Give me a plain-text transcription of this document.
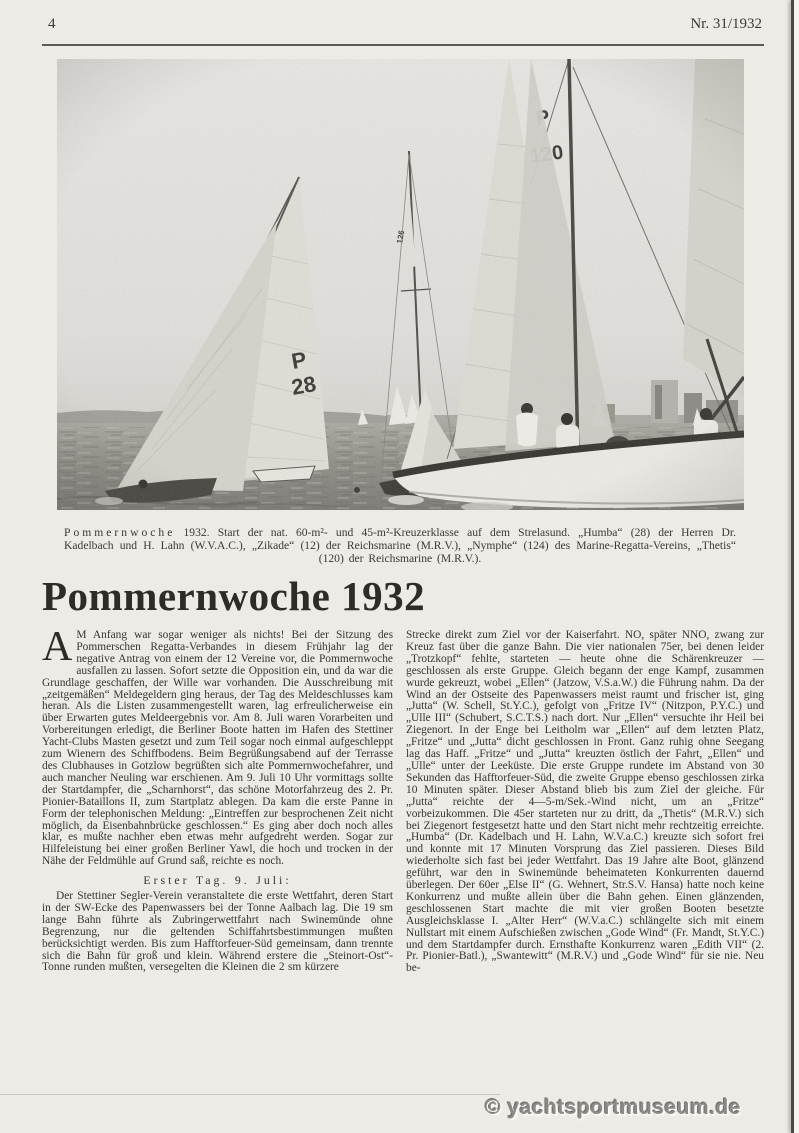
4	Nr. 31/1932

Pommernwoche 1932. Start der nat. 60-m²- und 45-m²-Kreuzerklasse auf dem Strelasund. „Humba“ (28) der Herren Dr. Kadelbach und H. Lahn (W.V.A.C.), „Zikade“ (12) der Reichsmarine (M.R.V.), „Nymphe“ (124) des Marine-Regatta-Vereins, „Thetis“ (120) der Reichsmarine (M.R.V.).

Pommernwoche 1932

A M Anfang war sogar weniger als nichts! Bei der Sitzung des Pommerschen Regatta-Verbandes in diesem Frühjahr lag der negative Antrag von einem der 12 Vereine vor, die Pommernwoche ausfallen zu lassen. Sofort setzte die Opposition ein, und da war die Grundlage geschaffen, der Wille war vorhanden. Die Ausschreibung mit „zeitgemäßen“ Meldegeldern ging heraus, der Tag des Meldeschlusses kam heran. Als die Listen zusammengestellt waren, lag erfreulicherweise ein über Erwarten gutes Meldeergebnis vor. Am 8. Juli waren Vorarbeiten und Vorbereitungen erledigt, die Berliner Boote hatten im Hafen des Stettiner Yacht-Clubs Masten gesetzt und zum Teil sogar noch einmal aufgeschleppt zum Wienern des Schiffbodens. Beim Begrüßungsabend auf der Terrasse des Clubhauses in Gotzlow begrüßten sich alte Pommernwochefahrer, und auch mancher Neuling war erschienen. Am 9. Juli 10 Uhr vormittags sollte der Startdampfer, die „Scharnhorst“, das schöne Motorfahrzeug des 2. Pr. Pionier-Bataillons II, zum Startplatz ablegen. Da kam die erste Panne in Form der telephonischen Meldung: „Eintreffen zur besprochenen Zeit nicht möglich, da Eisenbahnbrücke geschlossen.“ Es ging aber doch noch alles klar, es mußte nachher eben etwas mehr aufgedreht werden. Sogar zur Hilfeleistung bei einer großen Berliner Yawl, die hoch und trocken in der Nähe der Feldmühle auf Grund saß, reichte es noch.

Erster Tag. 9. Juli:

Der Stettiner Segler-Verein veranstaltete die erste Wettfahrt, deren Start in der SW-Ecke des Papenwassers bei der Tonne Aalbach lag. Die 19 sm lange Bahn führte als Zubringerwettfahrt nach Swinemünde ohne Begrenzung, nur die geltenden Schiffahrtsbestimmungen mußten berücksichtigt werden. Bis zum Hafftorfeuer-Süd gemeinsam, dann trennte sich die Bahn für groß und klein. Während erstere die „Steinort-Ost“-Tonne runden mußten, versegelten die Kleinen die 2 sm kürzere

Strecke direkt zum Ziel vor der Kaiserfahrt. NO, später NNO, zwang zur Kreuz fast über die ganze Bahn. Die vier nationalen 75er, bei denen leider „Trotzkopf“ fehlte, starteten — heute ohne die Schärenkreuzer — geschlossen als erste Gruppe. Gleich begann der enge Kampf, zusammen wurde gekreuzt, wobei „Ellen“ (Jatzow, V.S.a.W.) die Führung nahm. Da der Wind an der Ostseite des Papenwassers meist raumt und frischer ist, ging „Jutta“ (W. Schell, St.Y.C.), gefolgt von „Fritze IV“ (Nitzpon, P.Y.C.) und „Ulle III“ (Schubert, S.C.T.S.) nach dort. Nur „Ellen“ versuchte ihr Heil bei Ziegenort. In der Enge bei Leitholm war „Ellen“ auf dem letzten Platz, „Fritze“ und „Jutta“ dicht geschlossen in Front. Ganz ruhig ohne Seegang lag das Haff. „Fritze“ und „Jutta“ kreuzten östlich der Fahrt, „Ellen“ und „Ulle“ unter der Leeküste. Die erste Gruppe rundete im Abstand von 30 Sekunden das Hafftorfeuer-Süd, die zweite Gruppe ebenso geschlossen zirka 10 Minuten später. Dieser Abstand blieb bis zum Ziel der gleiche. Für „Jutta“ reichte der 4—5-m/Sek.-Wind nicht, um an „Fritze“ vorbeizukommen. Die 45er starteten nur zu dritt, da „Thetis“ (M.R.V.) sich bei Ziegenort festgesetzt hatte und den Start nicht mehr rechtzeitig erreichte. „Humba“ (Dr. Kadelbach und H. Lahn, W.V.a.C.) kreuzte sich sofort frei und konnte mit 17 Minuten Vorsprung das Ziel passieren. Dieses Bild wiederholte sich fast bei jeder Wettfahrt. Das 19 Jahre alte Boot, glänzend geführt, war den in Swinemünde beheimateten Konkurrenten dauernd überlegen. Der 60er „Else II“ (G. Wehnert, Str.S.V. Hansa) hatte noch keine Konkurrenz und mußte allein über die Bahn gehen. Einen glänzenden, geschlossenen Start machte die mit vier großen Booten besetzte Ausgleichsklasse I. „Alter Herr“ (W.V.a.C.) schlängelte sich mit einem Nullstart mit einem Aufschießen zwischen „Gode Wind“ (Fr. Mandt, St.Y.C.) und dem Startdampfer durch. Ernsthafte Konkurrenz waren „Edith VII“ (2. Pr. Pionier-Batl.), „Swantewitt“ (M.R.V.) und „Gode Wind“ für sie nie. Neu be-

© yachtsportmuseum.de
